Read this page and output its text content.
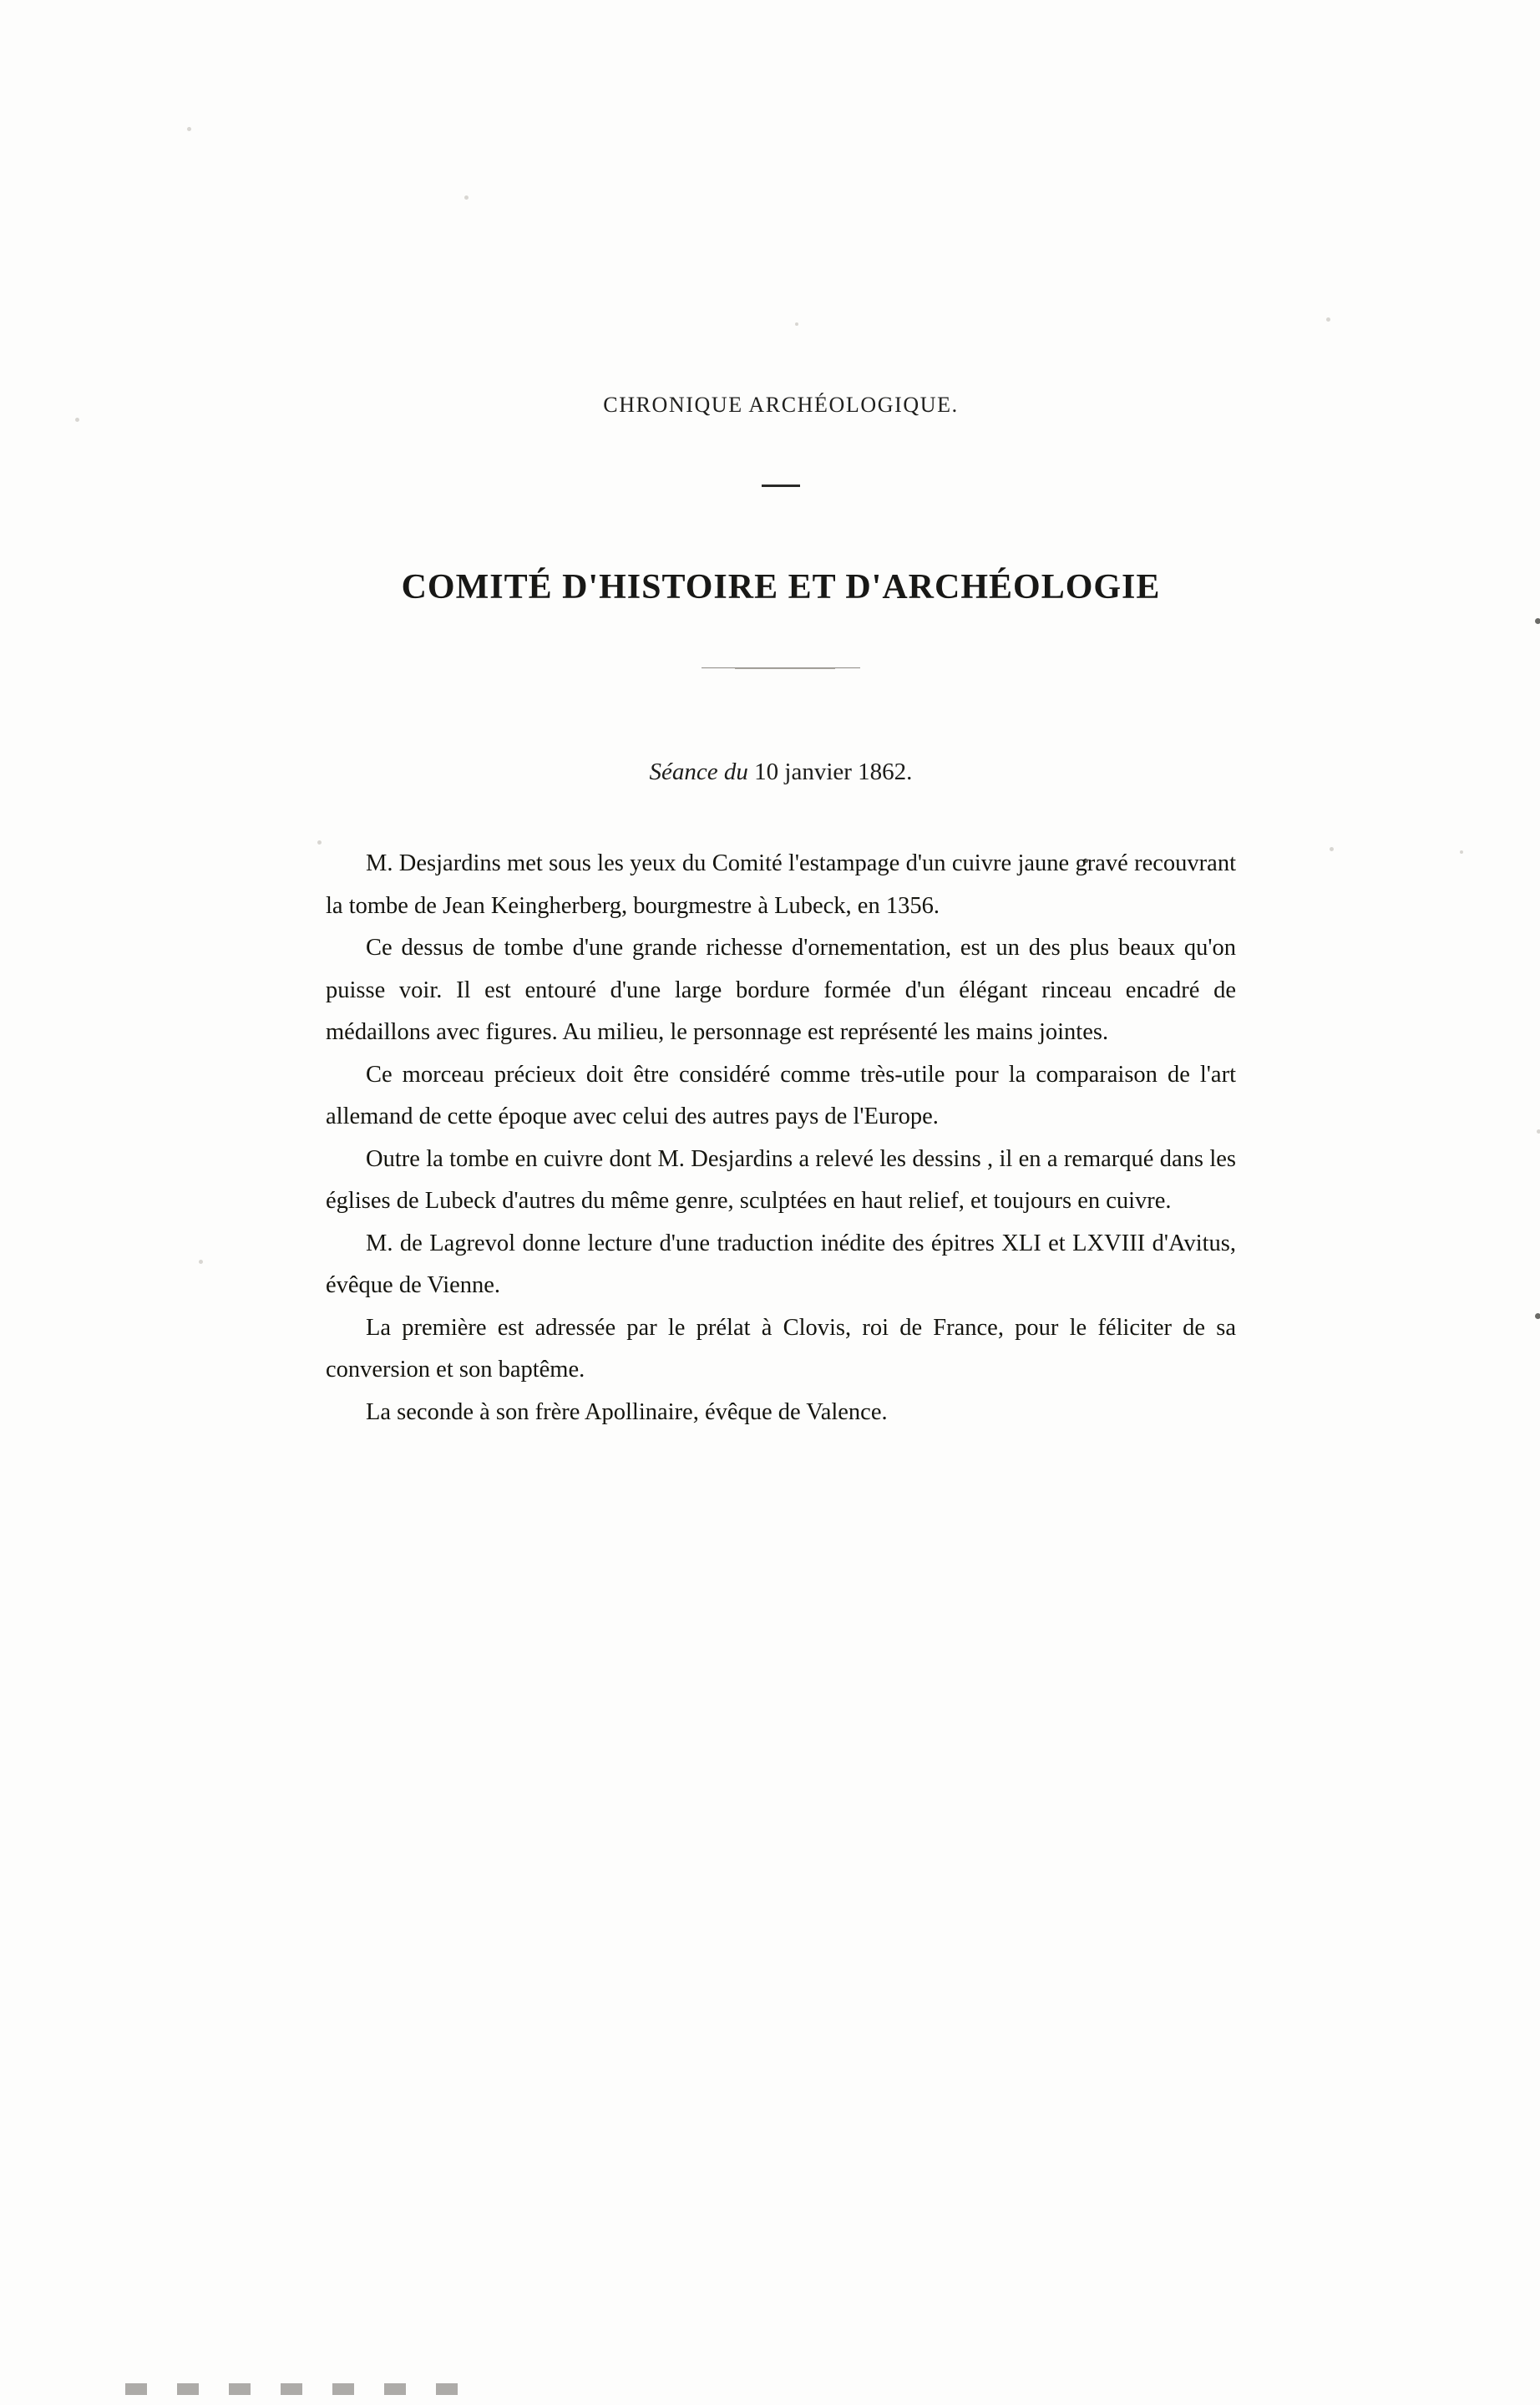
CHRONIQUE ARCHÉOLOGIQUE.
COMITÉ D'HISTOIRE ET D'ARCHÉOLOGIE
Séance du 10 janvier 1862.

M. Desjardins met sous les yeux du Comité l'estampage d'un cuivre jaune gravé recouvrant la tombe de Jean Keingherberg, bourgmestre à Lubeck, en 1356.

Ce dessus de tombe d'une grande richesse d'ornementation, est un des plus beaux qu'on puisse voir. Il est entouré d'une large bordure formée d'un élégant rinceau encadré de médaillons avec figures. Au milieu, le personnage est représenté les mains jointes.

Ce morceau précieux doit être considéré comme très-utile pour la comparaison de l'art allemand de cette époque avec celui des autres pays de l'Europe.

Outre la tombe en cuivre dont M. Desjardins a relevé les dessins , il en a remarqué dans les églises de Lubeck d'autres du même genre, sculptées en haut relief, et toujours en cuivre.

M. de Lagrevol donne lecture d'une traduction inédite des épitres XLI et LXVIII d'Avitus, évêque de Vienne.

La première est adressée par le prélat à Clovis, roi de France, pour le féliciter de sa conversion et son baptême.

La seconde à son frère Apollinaire, évêque de Valence.
